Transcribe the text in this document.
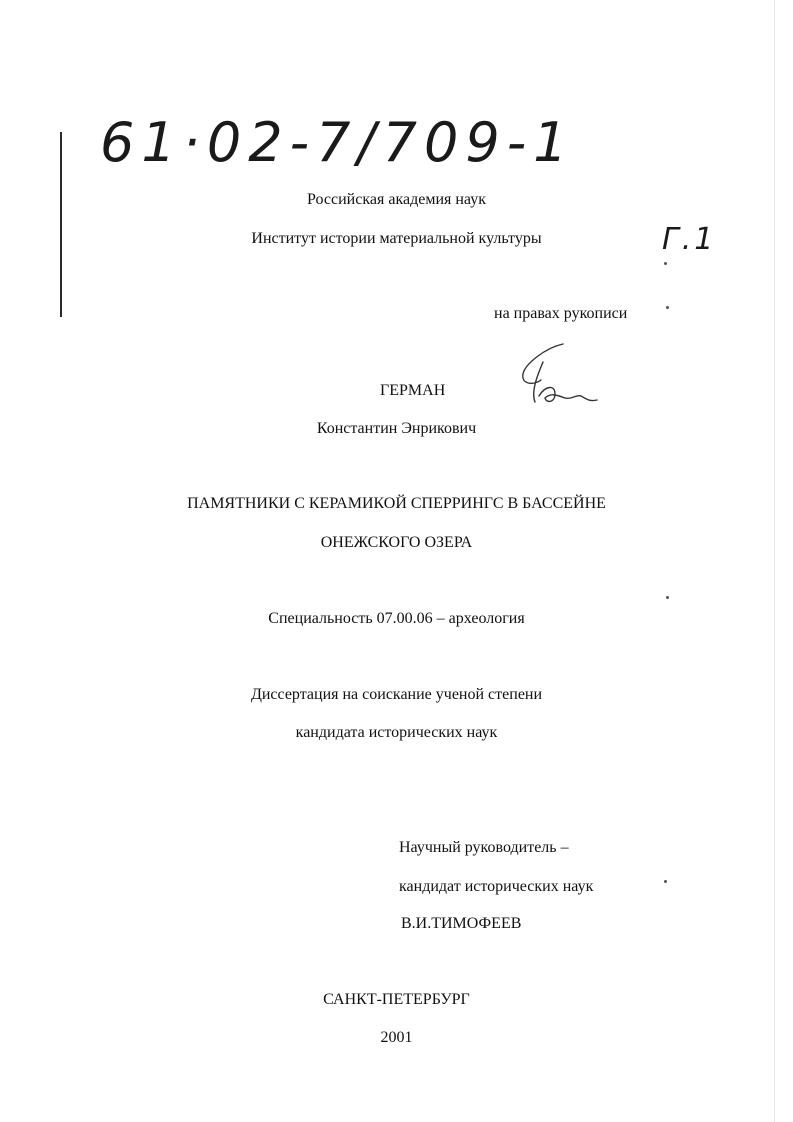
61·02-7/709-1
Г.1
Российская академия наук
Институт истории материальной культуры
на правах рукописи
ГЕРМАН
Константин Энрикович
ПАМЯТНИКИ С КЕРАМИКОЙ СПЕРРИНГС В БАССЕЙНЕ
ОНЕЖСКОГО ОЗЕРА
Специальность 07.00.06 – археология
Диссертация на соискание ученой степени
кандидата исторических наук
Научный руководитель –
кандидат исторических наук
В.И.ТИМОФЕЕВ
САНКТ-ПЕТЕРБУРГ
2001
